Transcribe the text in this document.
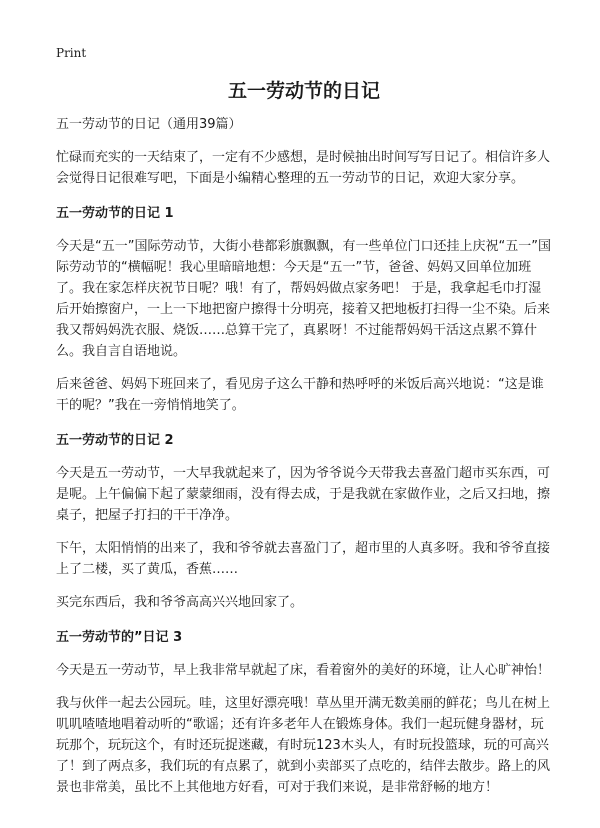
Print
五一劳动节的日记
五一劳动节的日记（通用39篇）

忙碌而充实的一天结束了，一定有不少感想，是时候抽出时间写写日记了。相信许多人会觉得日记很难写吧，下面是小编精心整理的五一劳动节的日记，欢迎大家分享。

五一劳动节的日记 1

今天是“五一”国际劳动节，大街小巷都彩旗飘飘，有一些单位门口还挂上庆祝“五一”国际劳动节的“横幅呢！我心里暗暗地想：今天是“五一”节，爸爸、妈妈又回单位加班了。我在家怎样庆祝节日呢？哦！有了，帮妈妈做点家务吧！ 于是，我拿起毛巾打湿后开始擦窗户，一上一下地把窗户擦得十分明亮，接着又把地板打扫得一尘不染。后来我又帮妈妈洗衣服、烧饭……总算干完了，真累呀！不过能帮妈妈干活这点累不算什么。我自言自语地说。

后来爸爸、妈妈下班回来了，看见房子这么干静和热呼呼的米饭后高兴地说：“这是谁干的呢？”我在一旁悄悄地笑了。

五一劳动节的日记 2

今天是五一劳动节，一大早我就起来了，因为爷爷说今天带我去喜盈门超市买东西，可是呢。上午偏偏下起了蒙蒙细雨，没有得去成，于是我就在家做作业，之后又扫地，擦桌子，把屋子打扫的干干净净。

下午，太阳悄悄的出来了，我和爷爷就去喜盈门了，超市里的人真多呀。我和爷爷直接上了二楼，买了黄瓜，香蕉……

买完东西后，我和爷爷高高兴兴地回家了。

五一劳动节的”日记 3

今天是五一劳动节，早上我非常早就起了床，看着窗外的美好的环境，让人心旷神怡！

我与伙伴一起去公园玩。哇，这里好漂亮哦！草丛里开满无数美丽的鲜花；鸟儿在树上叽叽喳喳地唱着动听的“歌谣；还有许多老年人在锻炼身体。我们一起玩健身器材，玩玩那个，玩玩这个，有时还玩捉迷藏，有时玩123木头人，有时玩投篮球，玩的可高兴了！到了两点多，我们玩的有点累了，就到小卖部买了点吃的，结伴去散步。路上的风景也非常美，虽比不上其他地方好看，可对于我们来说，是非常舒畅的地方！
